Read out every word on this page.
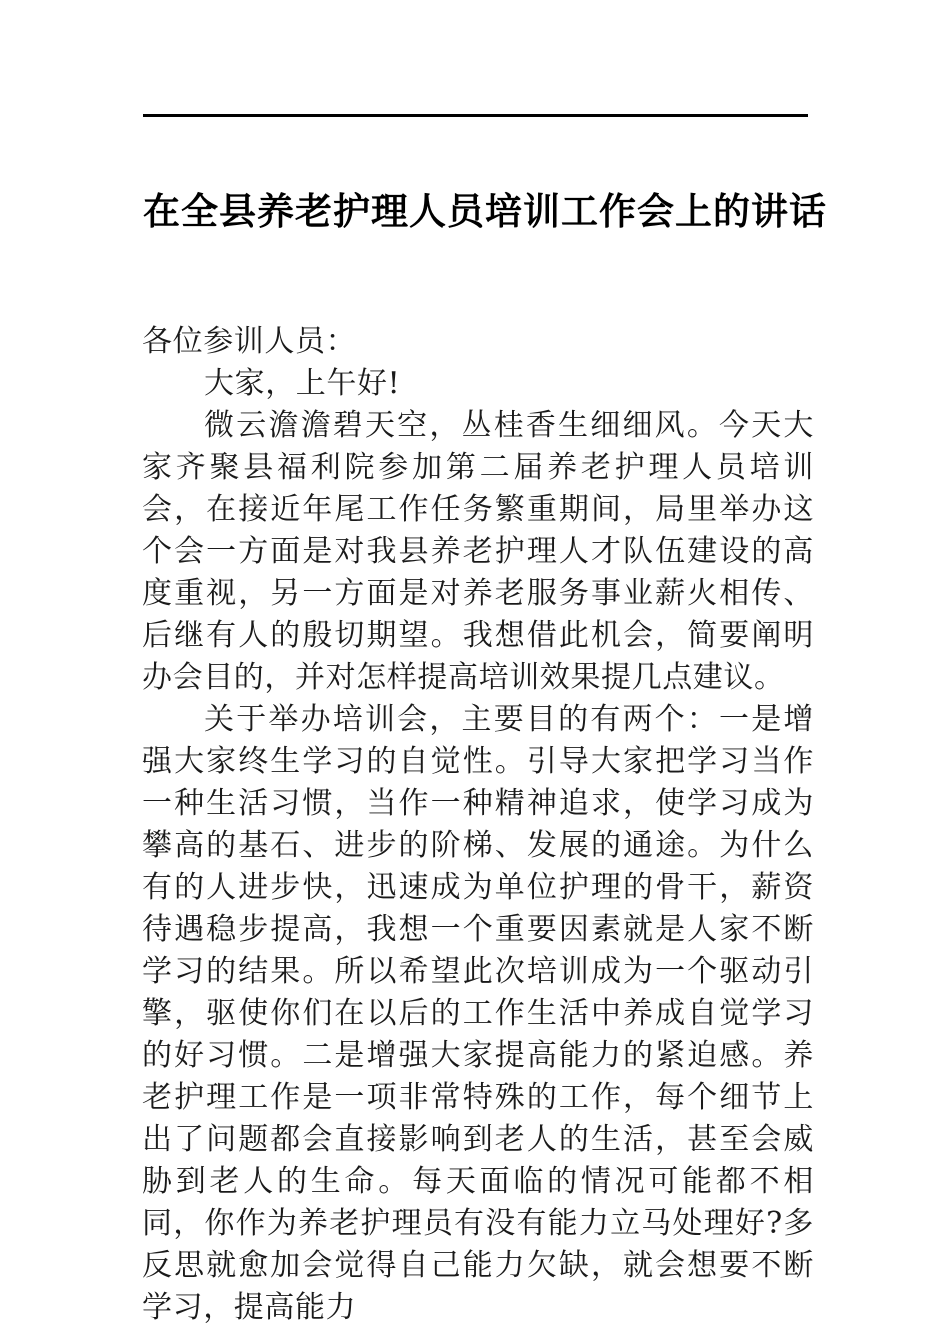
在全县养老护理人员培训工作会上的讲话

各位参训人员：

大家，上午好!

微云澹澹碧天空，丛桂香生细细风。今天大家齐聚县福利院参加第二届养老护理人员培训会，在接近年尾工作任务繁重期间，局里举办这个会一方面是对我县养老护理人才队伍建设的高度重视，另一方面是对养老服务事业薪火相传、后继有人的殷切期望。我想借此机会，简要阐明办会目的，并对怎样提高培训效果提几点建议。

关于举办培训会，主要目的有两个：一是增强大家终生学习的自觉性。引导大家把学习当作一种生活习惯，当作一种精神追求，使学习成为攀高的基石、进步的阶梯、发展的通途。为什么有的人进步快，迅速成为单位护理的骨干，薪资待遇稳步提高，我想一个重要因素就是人家不断学习的结果。所以希望此次培训成为一个驱动引擎，驱使你们在以后的工作生活中养成自觉学习的好习惯。二是增强大家提高能力的紧迫感。养老护理工作是一项非常特殊的工作，每个细节上出了问题都会直接影响到老人的生活，甚至会威胁到老人的生命。每天面临的情况可能都不相同，你作为养老护理员有没有能力立马处理好?多反思就愈加会觉得自己能力欠缺，就会想要不断学习，提高能力
